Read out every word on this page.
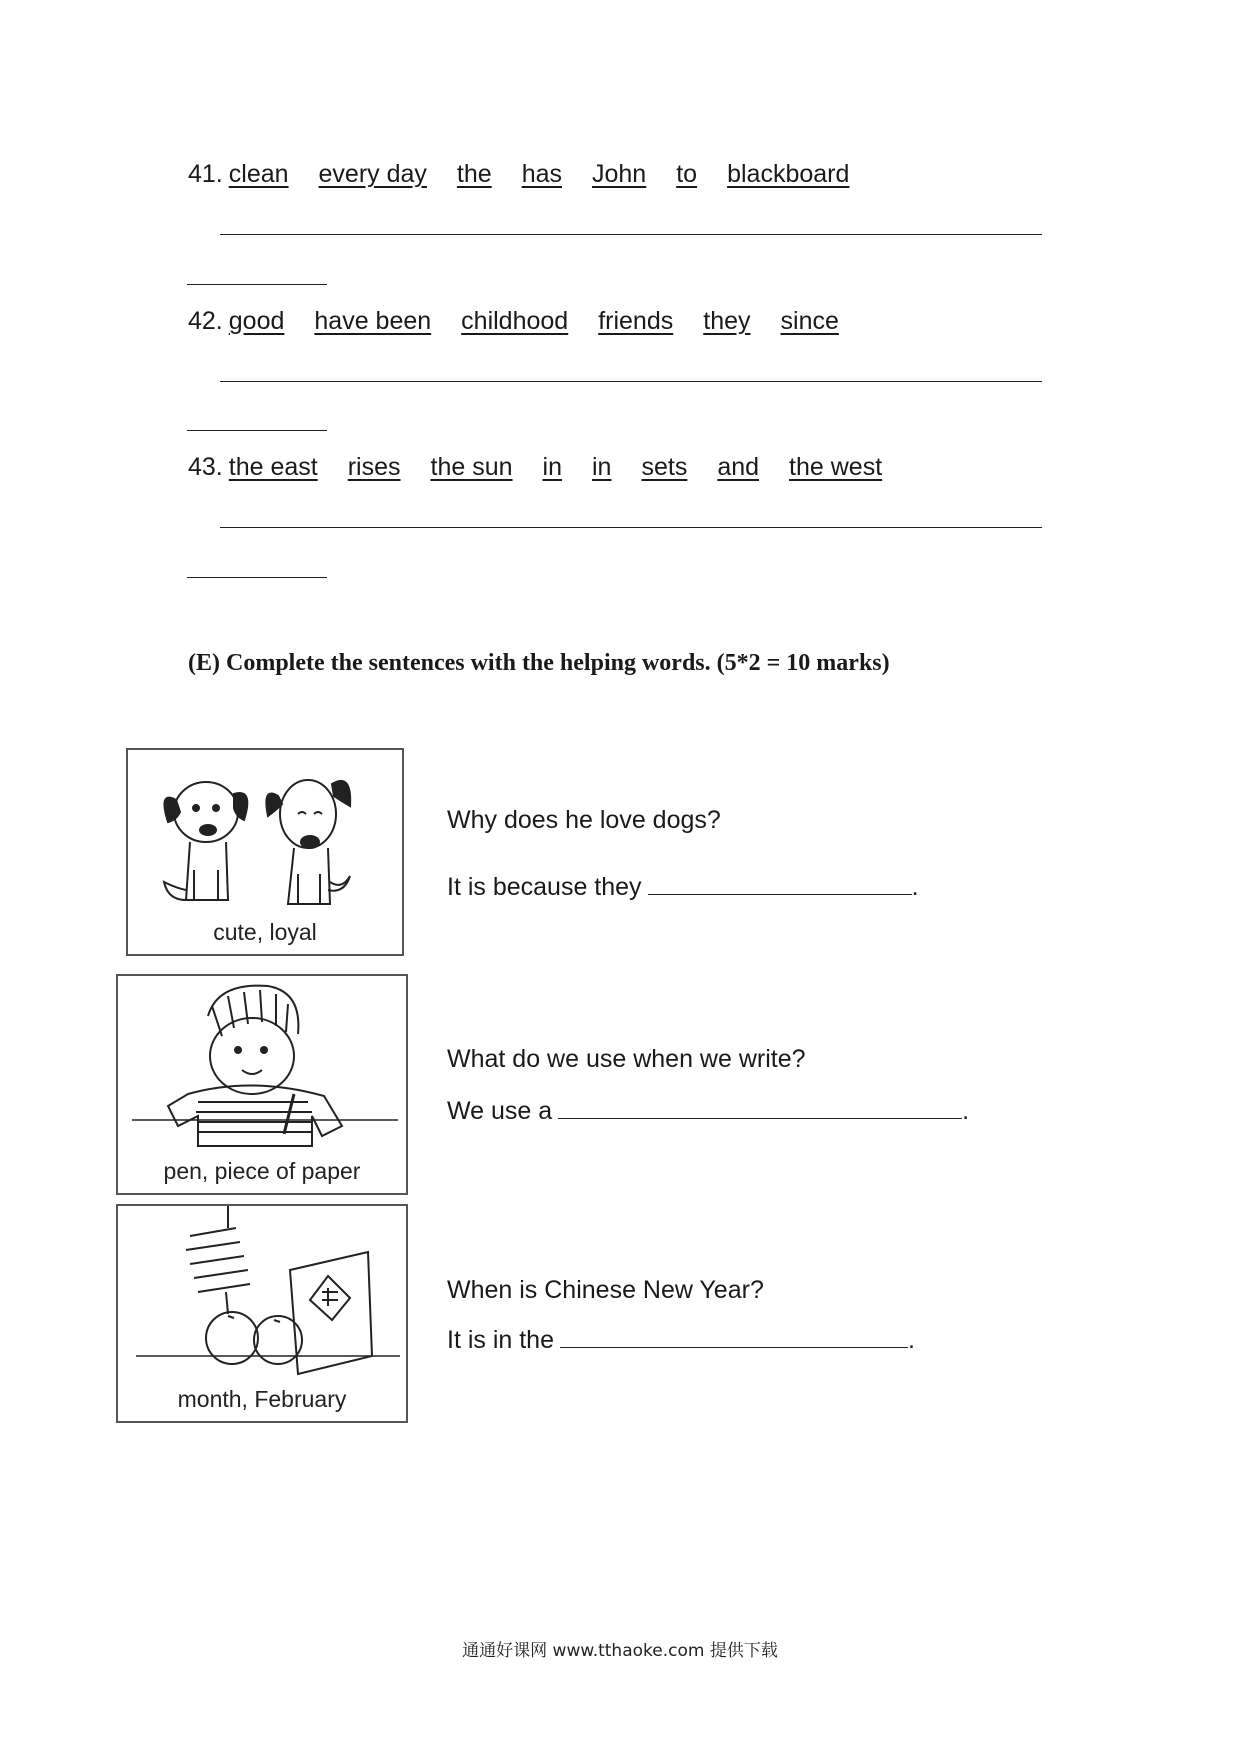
41. clean every day the has John to blackboard
42. good have been childhood friends they since
43. the east rises the sun in in sets and the west
(E) Complete the sentences with the helping words. (5*2 = 10 marks)
cute, loyal
Why does he love dogs?
It is because they	.
pen, piece of paper
What do we use when we write?
We use a	.
month, February
When is Chinese New Year?
It is in the	.
通通好课网 www.tthaoke.com 提供下载
